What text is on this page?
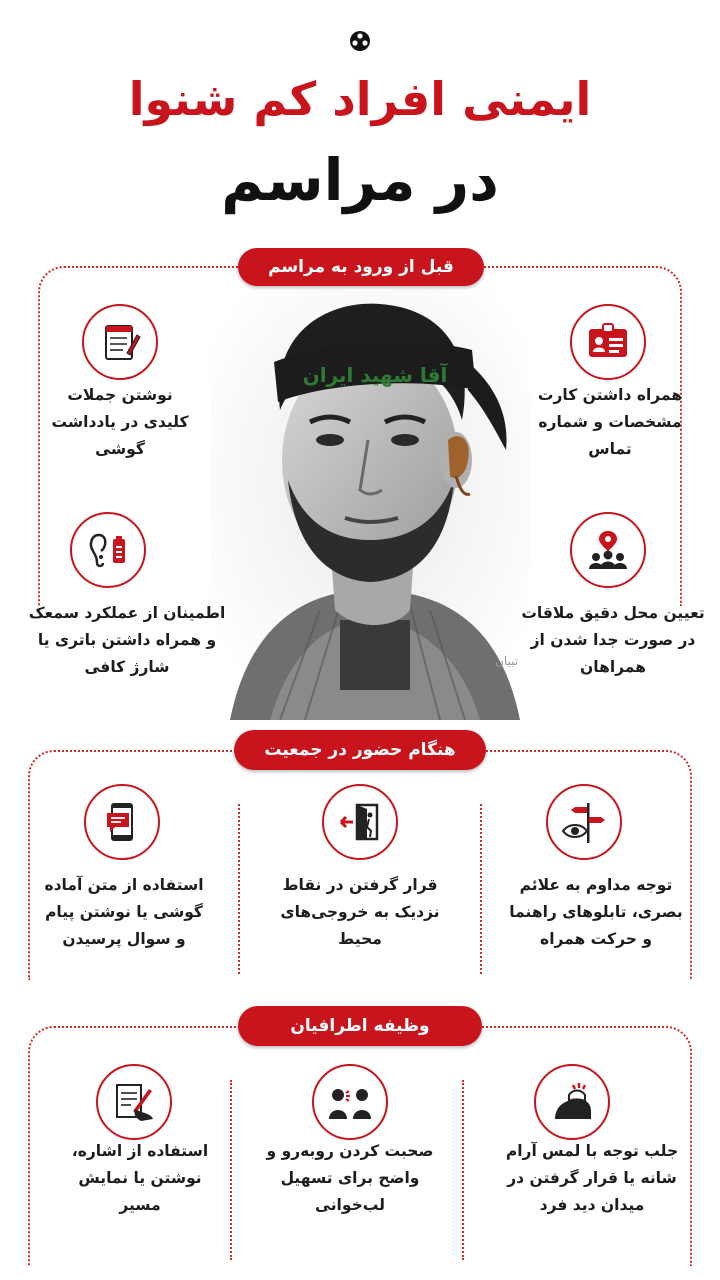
ایمنی افراد کم شنوا
در مراسم
قبل از ورود به مراسم
آقا شهید ایران
تبیان
همراه داشتن کارت مشخصات و شماره تماس
نوشتن جملات کلیدی در یادداشت گوشی
تعیین محل دقیق ملاقات در صورت جدا شدن از همراهان
اطمینان از عملکرد سمعک و همراه داشتن باتری یا شارژ کافی
هنگام حضور در جمعیت
توجه مداوم به علائم بصری، تابلوهای راهنما و حرکت همراه
قرار گرفتن در نقاط نزدیک به خروجی‌های محیط
استفاده از متن آماده گوشی یا نوشتن پیام و سوال پرسیدن
وظیفه اطرافیان
جلب توجه با لمس آرام شانه یا قرار گرفتن در میدان دید فرد
صحبت کردن روبه‌رو و واضح برای تسهیل لب‌خوانی
استفاده از اشاره، نوشتن یا نمایش مسیر
